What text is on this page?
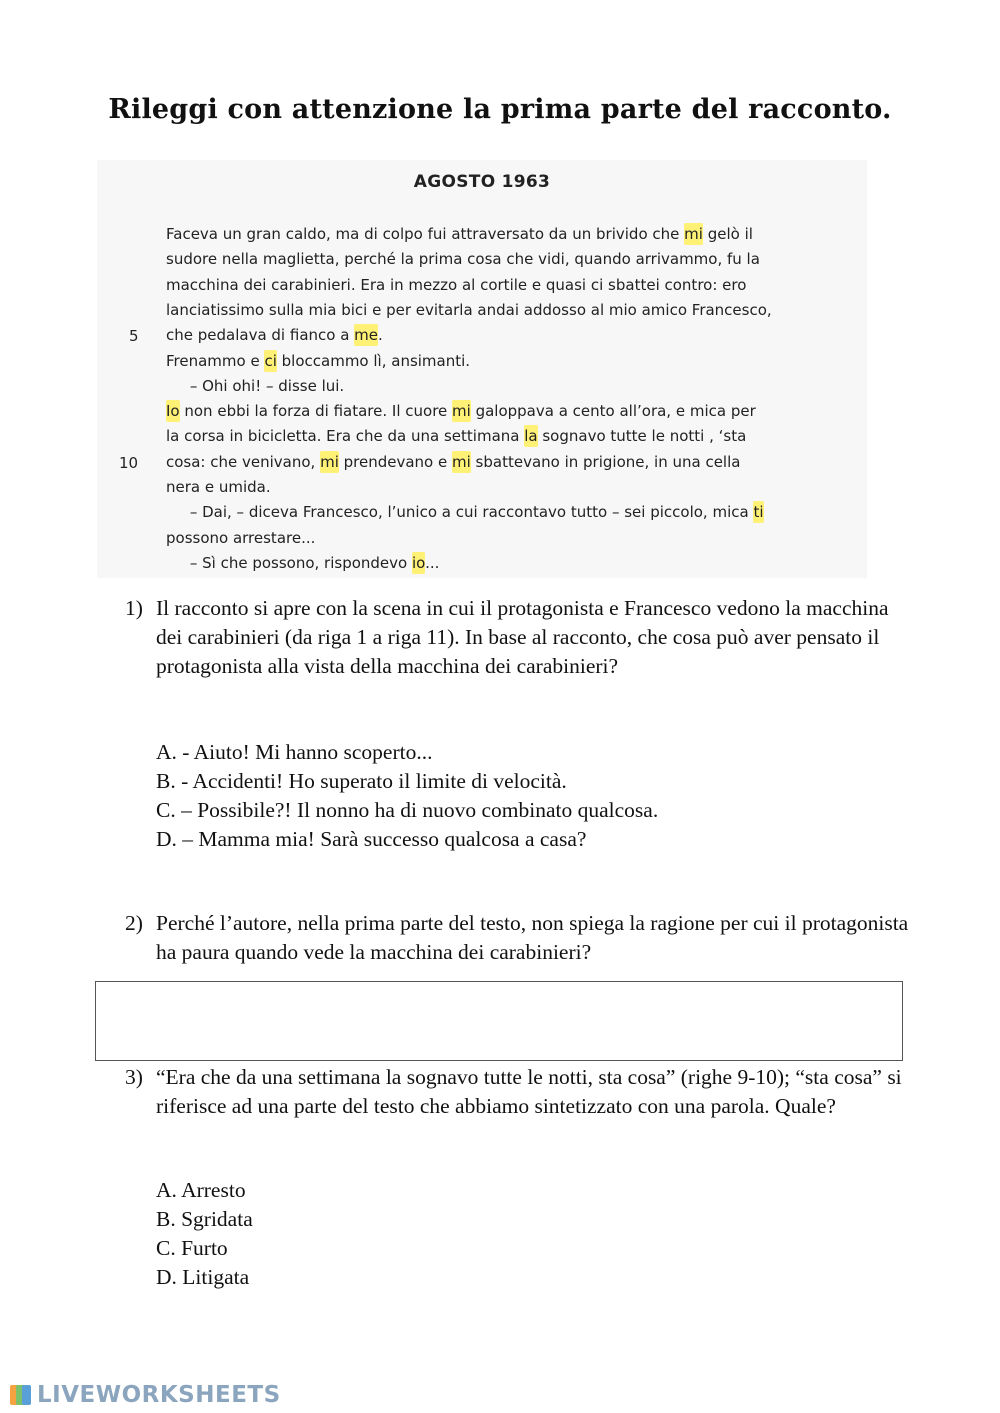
Rileggi con attenzione la prima parte del racconto.
AGOSTO 1963
Faceva un gran caldo, ma di colpo fui attraversato da un brivido che mi gelò il
sudore nella maglietta, perché la prima cosa che vidi, quando arrivammo, fu la
macchina dei carabinieri. Era in mezzo al cortile e quasi ci sbattei contro: ero
lanciatissimo sulla mia bici e per evitarla andai addosso al mio amico Francesco,
che pedalava di fianco a me.
Frenammo e ci bloccammo lì, ansimanti.
– Ohi ohi! – disse lui.
Io non ebbi la forza di fiatare. Il cuore mi galoppava a cento all’ora, e mica per
la corsa in bicicletta. Era che da una settimana la sognavo tutte le notti , ‘sta
cosa: che venivano, mi prendevano e mi sbattevano in prigione, in una cella
nera e umida.
– Dai, – diceva Francesco, l’unico a cui raccontavo tutto – sei piccolo, mica ti
possono arrestare...
– Sì che possono, rispondevo io...
5
10
1) Il racconto si apre con la scena in cui il protagonista e Francesco vedono la macchina dei carabinieri (da riga 1 a riga 11). In base al racconto, che cosa può aver pensato il protagonista alla vista della macchina dei carabinieri?
A. - Aiuto! Mi hanno scoperto...
B. - Accidenti! Ho superato il limite di velocità.
C. – Possibile?! Il nonno ha di nuovo combinato qualcosa.
D. – Mamma mia! Sarà successo qualcosa a casa?
2) Perché l’autore, nella prima parte del testo, non spiega la ragione per cui il protagonista ha paura quando vede la macchina dei carabinieri?
3) “Era che da una settimana la sognavo tutte le notti, sta cosa” (righe 9-10); “sta cosa” si riferisce ad una parte del testo che abbiamo sintetizzato con una parola. Quale?
A. Arresto
B. Sgridata
C. Furto
D. Litigata
LIVEWORKSHEETS
